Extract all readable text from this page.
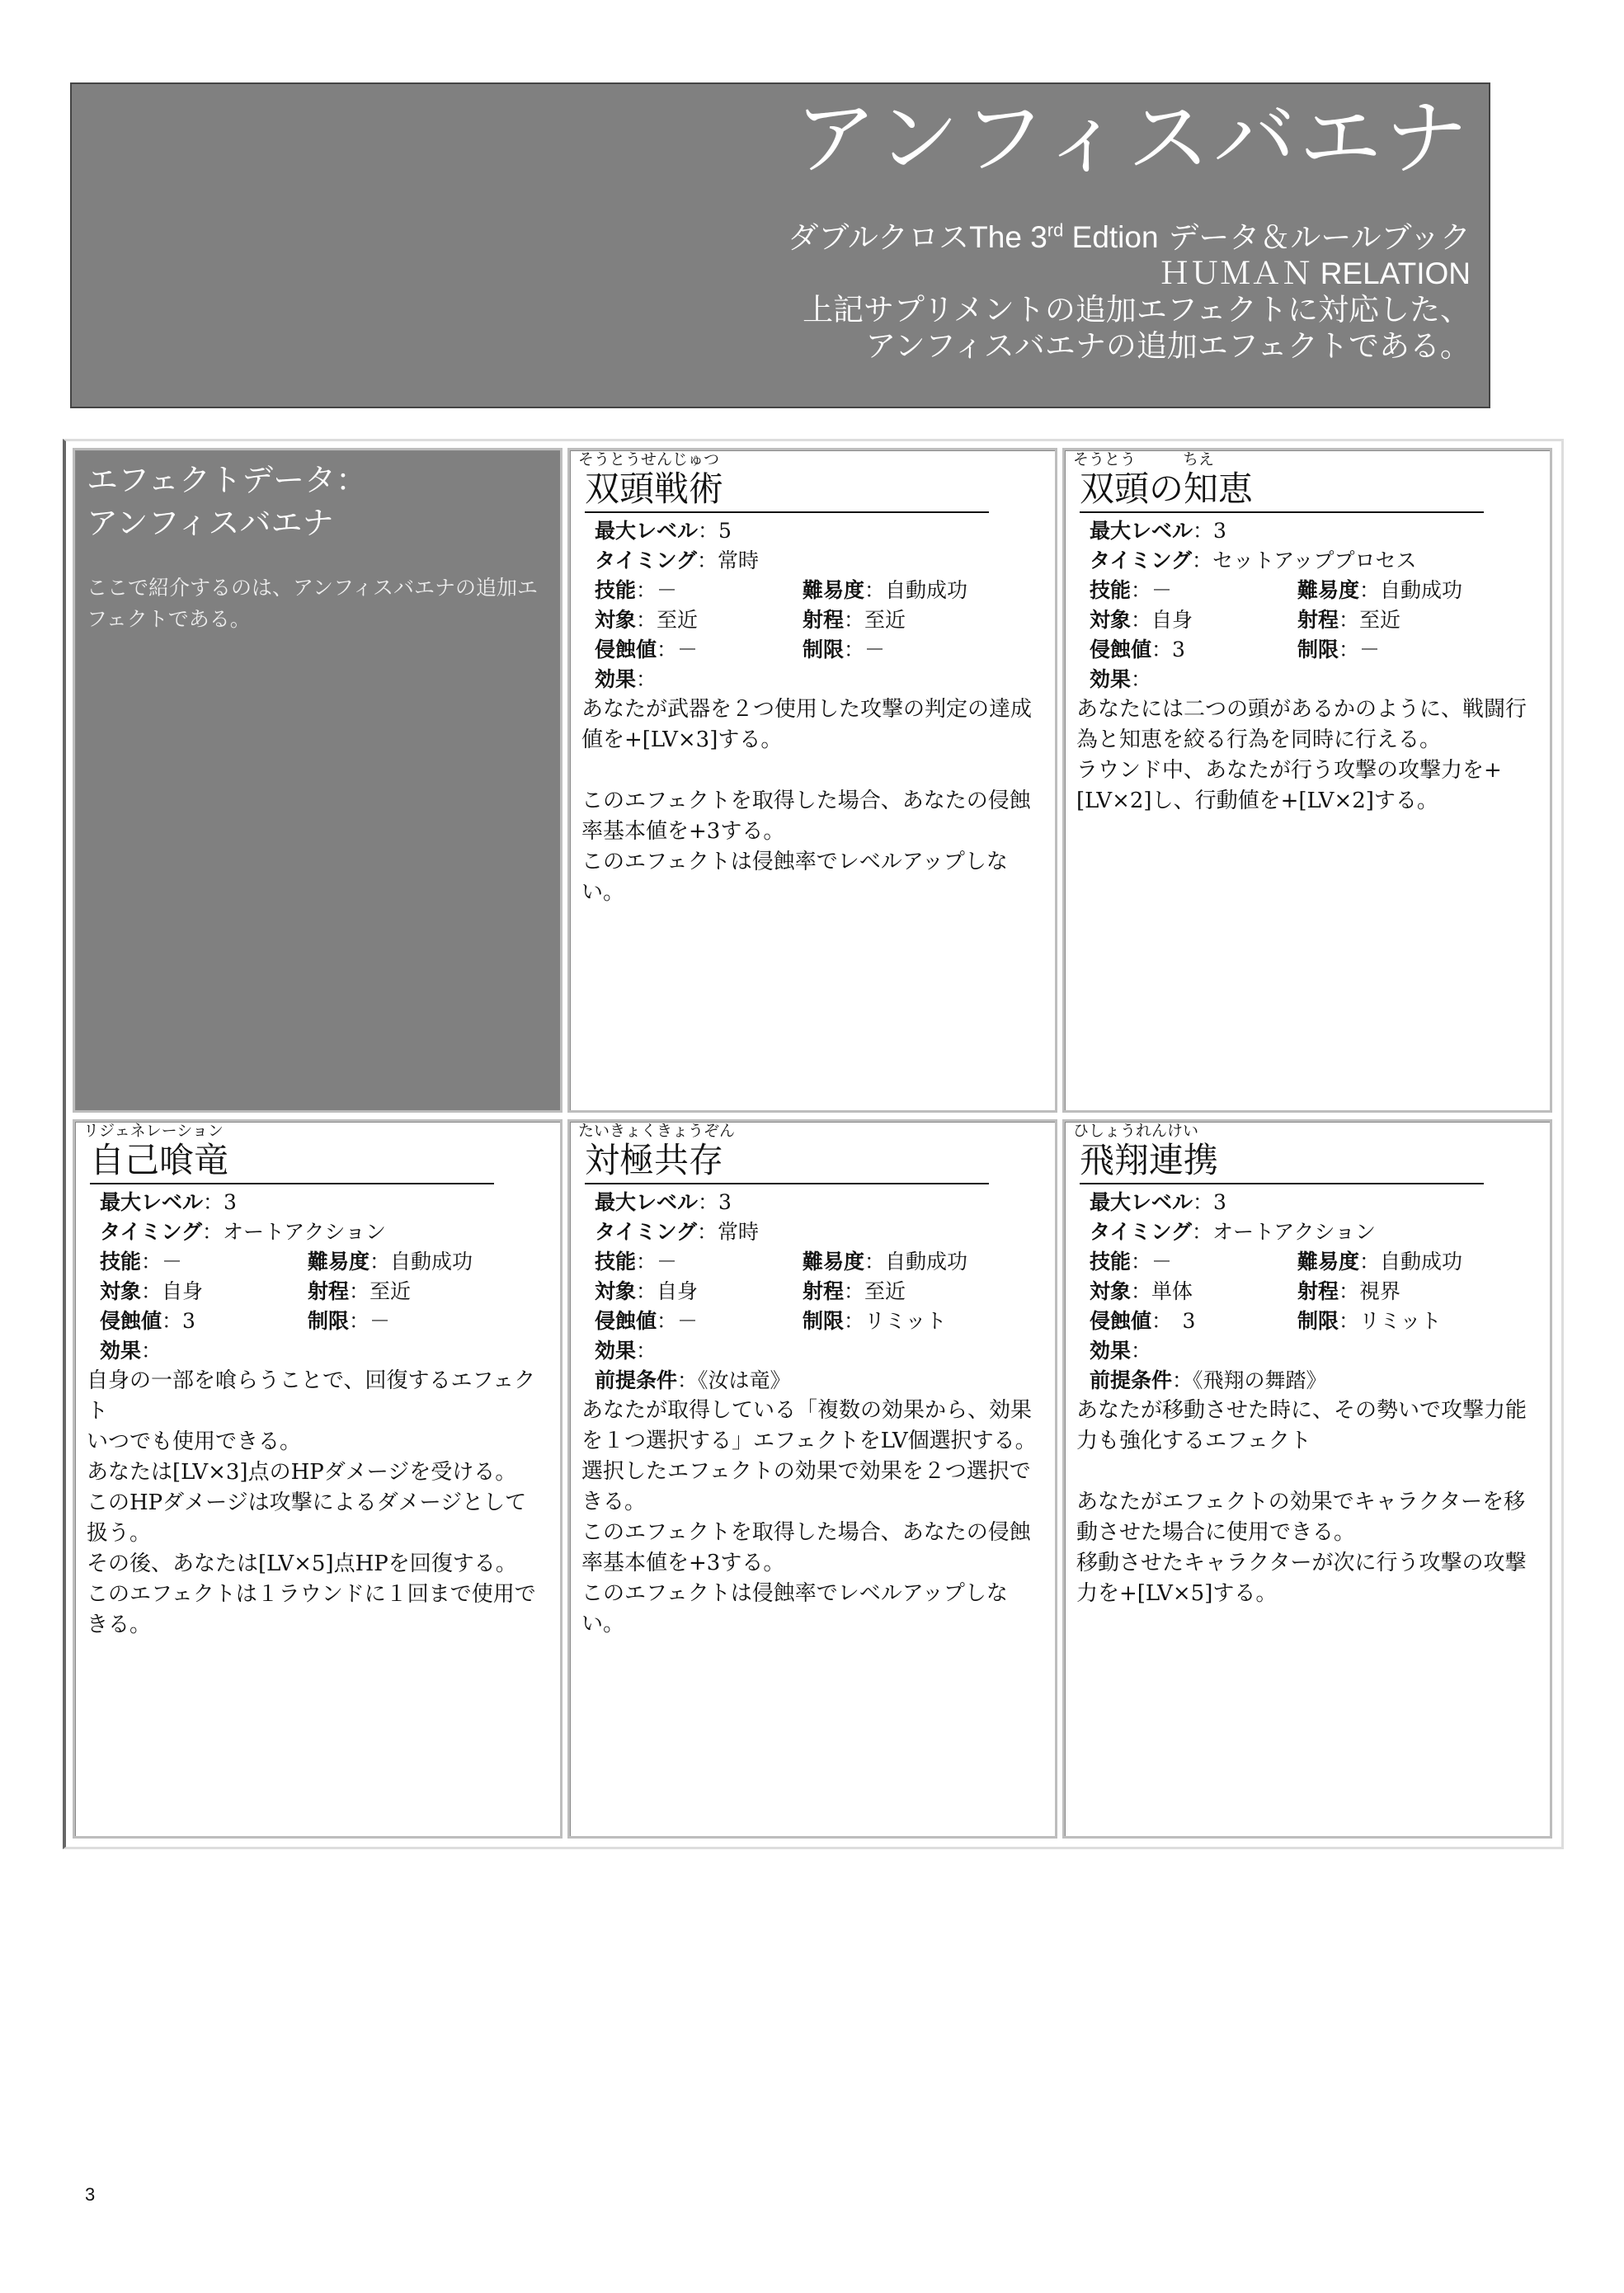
アンフィスバエナ
ダブルクロスThe 3rd Edtion データ＆ルールブック
ＨＵＭＡＮ RELATION
上記サプリメントの追加エフェクトに対応した、
アンフィスバエナの追加エフェクトである。
エフェクトデータ：
アンフィスバエナ
ここで紹介するのは、アンフィスバエナの追加エフェクトである。
そうとうせんじゅつ
双頭戦術
最大レベル：5
タイミング：常時
技能：－	難易度：自動成功
対象：至近	射程：至近
侵蝕値：－	制限：－
効果：

あなたが武器を２つ使用した攻撃の判定の達成値を+[LV×3]する。

このエフェクトを取得した場合、あなたの侵蝕率基本値を+3する。

このエフェクトは侵蝕率でレベルアップしない。

そうとう　　　ちえ
双頭の知恵
最大レベル：3
タイミング：セットアッププロセス
技能：－	難易度：自動成功
対象：自身	射程：至近
侵蝕値：3	制限：－
効果：

あなたには二つの頭があるかのように、戦闘行為と知恵を絞る行為を同時に行える。

ラウンド中、あなたが行う攻撃の攻撃力を+[LV×2]し、行動値を+[LV×2]する。

リジェネレーション
自己喰竜
最大レベル：3
タイミング：オートアクション
技能：－	難易度：自動成功
対象：自身	射程：至近
侵蝕値：3	制限：－
効果：

自身の一部を喰らうことで、回復するエフェクト

いつでも使用できる。

あなたは[LV×3]点のHPダメージを受ける。

このHPダメージは攻撃によるダメージとして扱う。

その後、あなたは[LV×5]点HPを回復する。

このエフェクトは１ラウンドに１回まで使用できる。

たいきょくきょうぞん
対極共存
最大レベル：3
タイミング：常時
技能：－	難易度：自動成功
対象：自身	射程：至近
侵蝕値：－	制限：リミット
効果：
前提条件：《汝は竜》

あなたが取得している「複数の効果から、効果を１つ選択する」エフェクトをLV個選択する。

選択したエフェクトの効果で効果を２つ選択できる。

このエフェクトを取得した場合、あなたの侵蝕率基本値を+3する。

このエフェクトは侵蝕率でレベルアップしない。

ひしょうれんけい
飛翔連携
最大レベル：3
タイミング：オートアクション
技能：－	難易度：自動成功
対象：単体	射程：視界
侵蝕値：　3	制限：リミット
効果：
前提条件：《飛翔の舞踏》

あなたが移動させた時に、その勢いで攻撃力能力も強化するエフェクト

あなたがエフェクトの効果でキャラクターを移動させた場合に使用できる。

移動させたキャラクターが次に行う攻撃の攻撃力を+[LV×5]する。

3
